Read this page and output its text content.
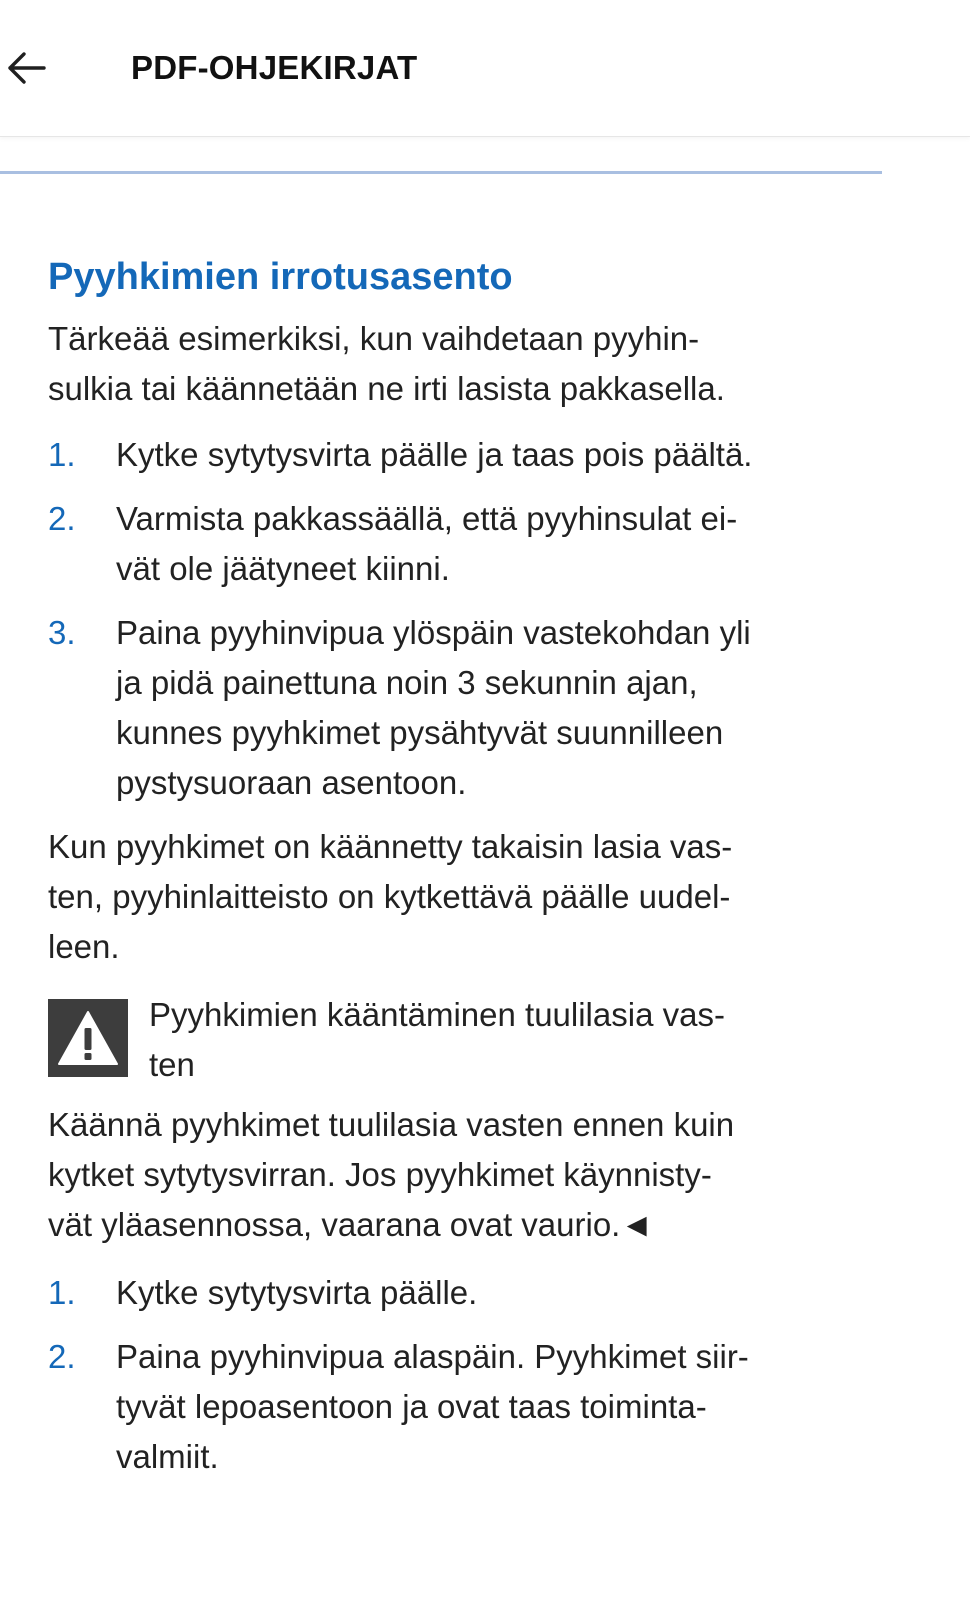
PDF-OHJEKIRJAT
Pyyhkimien irrotusasento

Tärkeää esimerkiksi, kun vaihdetaan pyyhin-
sulkia tai käännetään ne irti lasista pakkasella.

1. Kytke sytytysvirta päälle ja taas pois päältä.
2. Varmista pakkassäällä, että pyyhinsulat ei-
vät ole jäätyneet kiinni.
3. Paina pyyhinvipua ylöspäin vastekohdan yli
ja pidä painettuna noin 3 sekunnin ajan,
kunnes pyyhkimet pysähtyvät suunnilleen
pystysuoraan asentoon.

Kun pyyhkimet on käännetty takaisin lasia vas-
ten, pyyhinlaitteisto on kytkettävä päälle uudel-
leen.

Pyyhkimien kääntäminen tuulilasia vas-
ten

Käännä pyyhkimet tuulilasia vasten ennen kuin
kytket sytytysvirran. Jos pyyhkimet käynnisty-
vät yläasennossa, vaarana ovat vaurio.◄

1. Kytke sytytysvirta päälle.
2. Paina pyyhinvipua alaspäin. Pyyhkimet siir-
tyvät lepoasentoon ja ovat taas toiminta-
valmiit.
